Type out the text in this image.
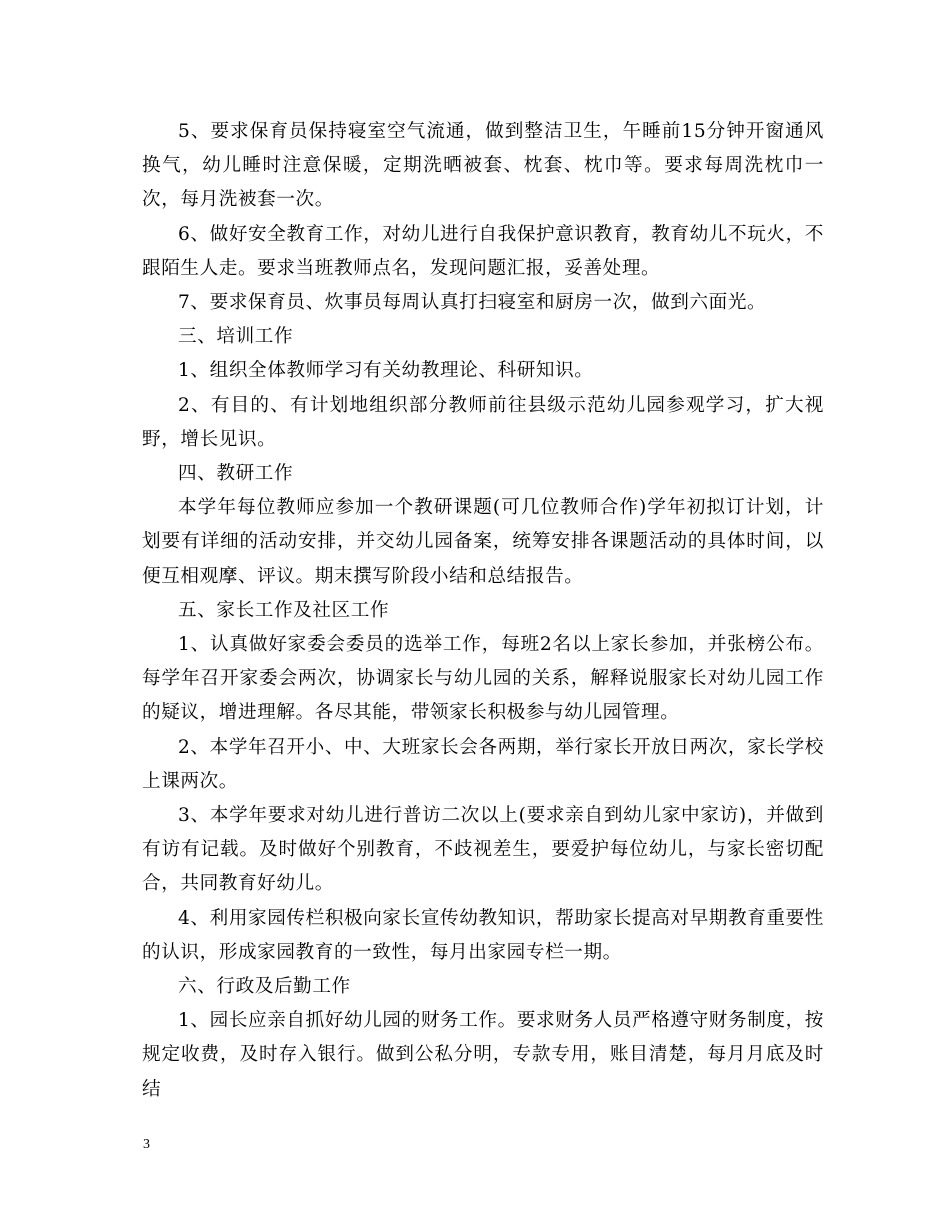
5、要求保育员保持寝室空气流通，做到整洁卫生，午睡前15分钟开窗通风换气，幼儿睡时注意保暖，定期洗晒被套、枕套、枕巾等。要求每周洗枕巾一次，每月洗被套一次。

6、做好安全教育工作，对幼儿进行自我保护意识教育，教育幼儿不玩火，不跟陌生人走。要求当班教师点名，发现问题汇报，妥善处理。

7、要求保育员、炊事员每周认真打扫寝室和厨房一次，做到六面光。

三、培训工作

1、组织全体教师学习有关幼教理论、科研知识。

2、有目的、有计划地组织部分教师前往县级示范幼儿园参观学习，扩大视野，增长见识。

四、教研工作

本学年每位教师应参加一个教研课题(可几位教师合作)学年初拟订计划，计划要有详细的活动安排，并交幼儿园备案，统筹安排各课题活动的具体时间，以便互相观摩、评议。期末撰写阶段小结和总结报告。

五、家长工作及社区工作

1、认真做好家委会委员的选举工作，每班2名以上家长参加，并张榜公布。每学年召开家委会两次，协调家长与幼儿园的关系，解释说服家长对幼儿园工作的疑议，增进理解。各尽其能，带领家长积极参与幼儿园管理。

2、本学年召开小、中、大班家长会各两期，举行家长开放日两次，家长学校上课两次。

3、本学年要求对幼儿进行普访二次以上(要求亲自到幼儿家中家访)，并做到有访有记载。及时做好个别教育，不歧视差生，要爱护每位幼儿，与家长密切配合，共同教育好幼儿。

4、利用家园传栏积极向家长宣传幼教知识，帮助家长提高对早期教育重要性的认识，形成家园教育的一致性，每月出家园专栏一期。

六、行政及后勤工作

1、园长应亲自抓好幼儿园的财务工作。要求财务人员严格遵守财务制度，按规定收费，及时存入银行。做到公私分明，专款专用，账目清楚，每月月底及时结

3
